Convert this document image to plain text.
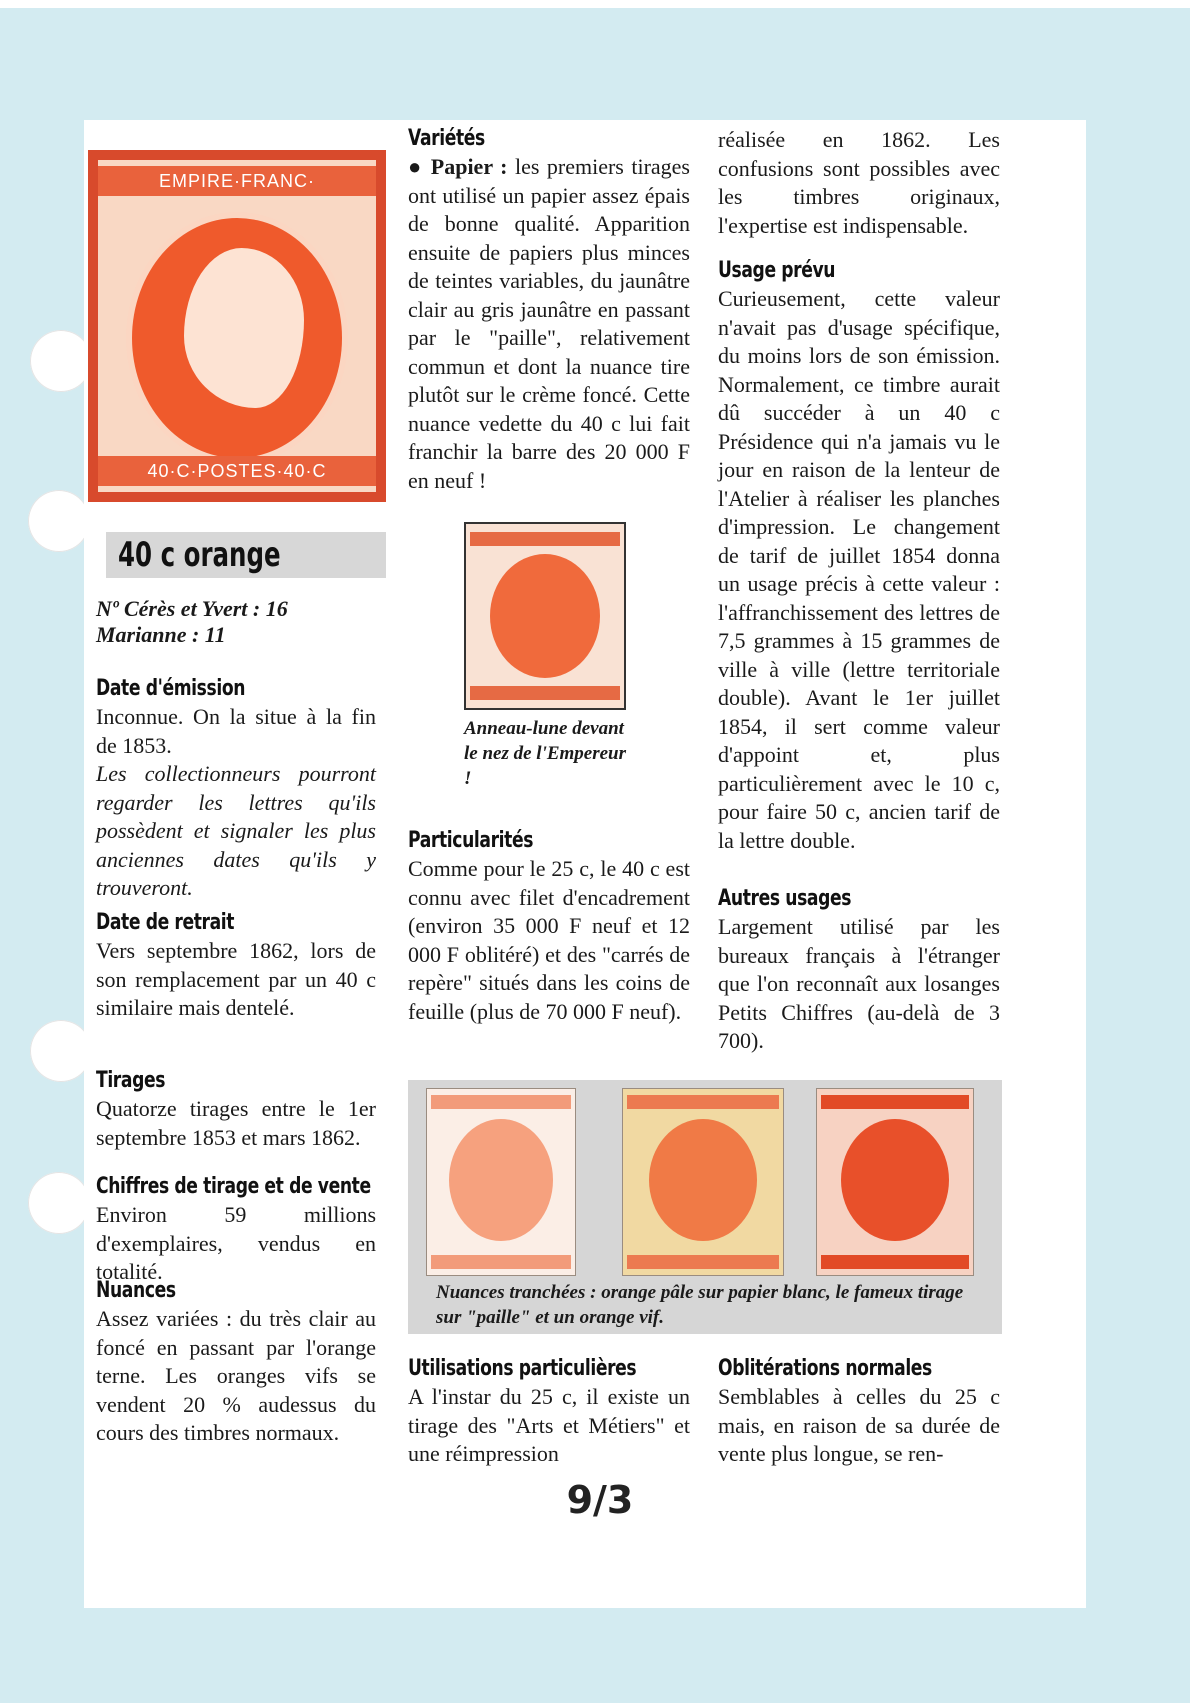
EMPIRE·FRANC·
40·C·POSTES·40·C
40 c orange
Nº Cérès et Yvert : 16
Marianne : 11
Date d'émission

Inconnue. On la situe à la fin de 1853.

Les collectionneurs pourront regarder les lettres qu'ils possèdent et signaler les plus anciennes dates qu'ils y trouveront.

Date de retrait

Vers septembre 1862, lors de son remplacement par un 40 c similaire mais dentelé.

Tirages

Quatorze tirages entre le 1er septembre 1853 et mars 1862.

Chiffres de tirage et de vente

Environ 59 millions d'exemplaires, vendus en totalité.

Nuances

Assez variées : du très clair au foncé en passant par l'orange terne. Les oranges vifs se vendent 20 % audessus du cours des timbres normaux.

Variétés

● Papier : les premiers tirages ont utilisé un papier assez épais de bonne qualité. Apparition ensuite de papiers plus minces de teintes variables, du jaunâtre clair au gris jaunâtre en passant par le "paille", relativement commun et dont la nuance tire plutôt sur le crème foncé. Cette nuance vedette du 40 c lui fait franchir la barre des 20 000 F en neuf !

Anneau-lune devant le nez de l'Empereur !
Particularités

Comme pour le 25 c, le 40 c est connu avec filet d'encadrement (environ 35 000 F neuf et 12 000 F oblitéré) et des "carrés de repère" situés dans les coins de feuille (plus de 70 000 F neuf).

Utilisations particulières

A l'instar du 25 c, il existe un tirage des "Arts et Métiers" et une réimpression

réalisée en 1862. Les confusions sont possibles avec les timbres originaux, l'expertise est indispensable.

Usage prévu

Curieusement, cette valeur n'avait pas d'usage spécifique, du moins lors de son émission. Normalement, ce timbre aurait dû succéder à un 40 c Présidence qui n'a jamais vu le jour en raison de la lenteur de l'Atelier à réaliser les planches d'impression. Le changement de tarif de juillet 1854 donna un usage précis à cette valeur : l'affranchissement des lettres de 7,5 grammes à 15 grammes de ville à ville (lettre territoriale double). Avant le 1er juillet 1854, il sert comme valeur d'appoint et, plus particulièrement avec le 10 c, pour faire 50 c, ancien tarif de la lettre double.

Autres usages

Largement utilisé par les bureaux français à l'étranger que l'on reconnaît aux losanges Petits Chiffres (au-delà de 3 700).

Oblitérations normales

Semblables à celles du 25 c mais, en raison de sa durée de vente plus longue, se ren-

Nuances tranchées : orange pâle sur papier blanc, le fameux tirage sur "paille" et un orange vif.
9/3
